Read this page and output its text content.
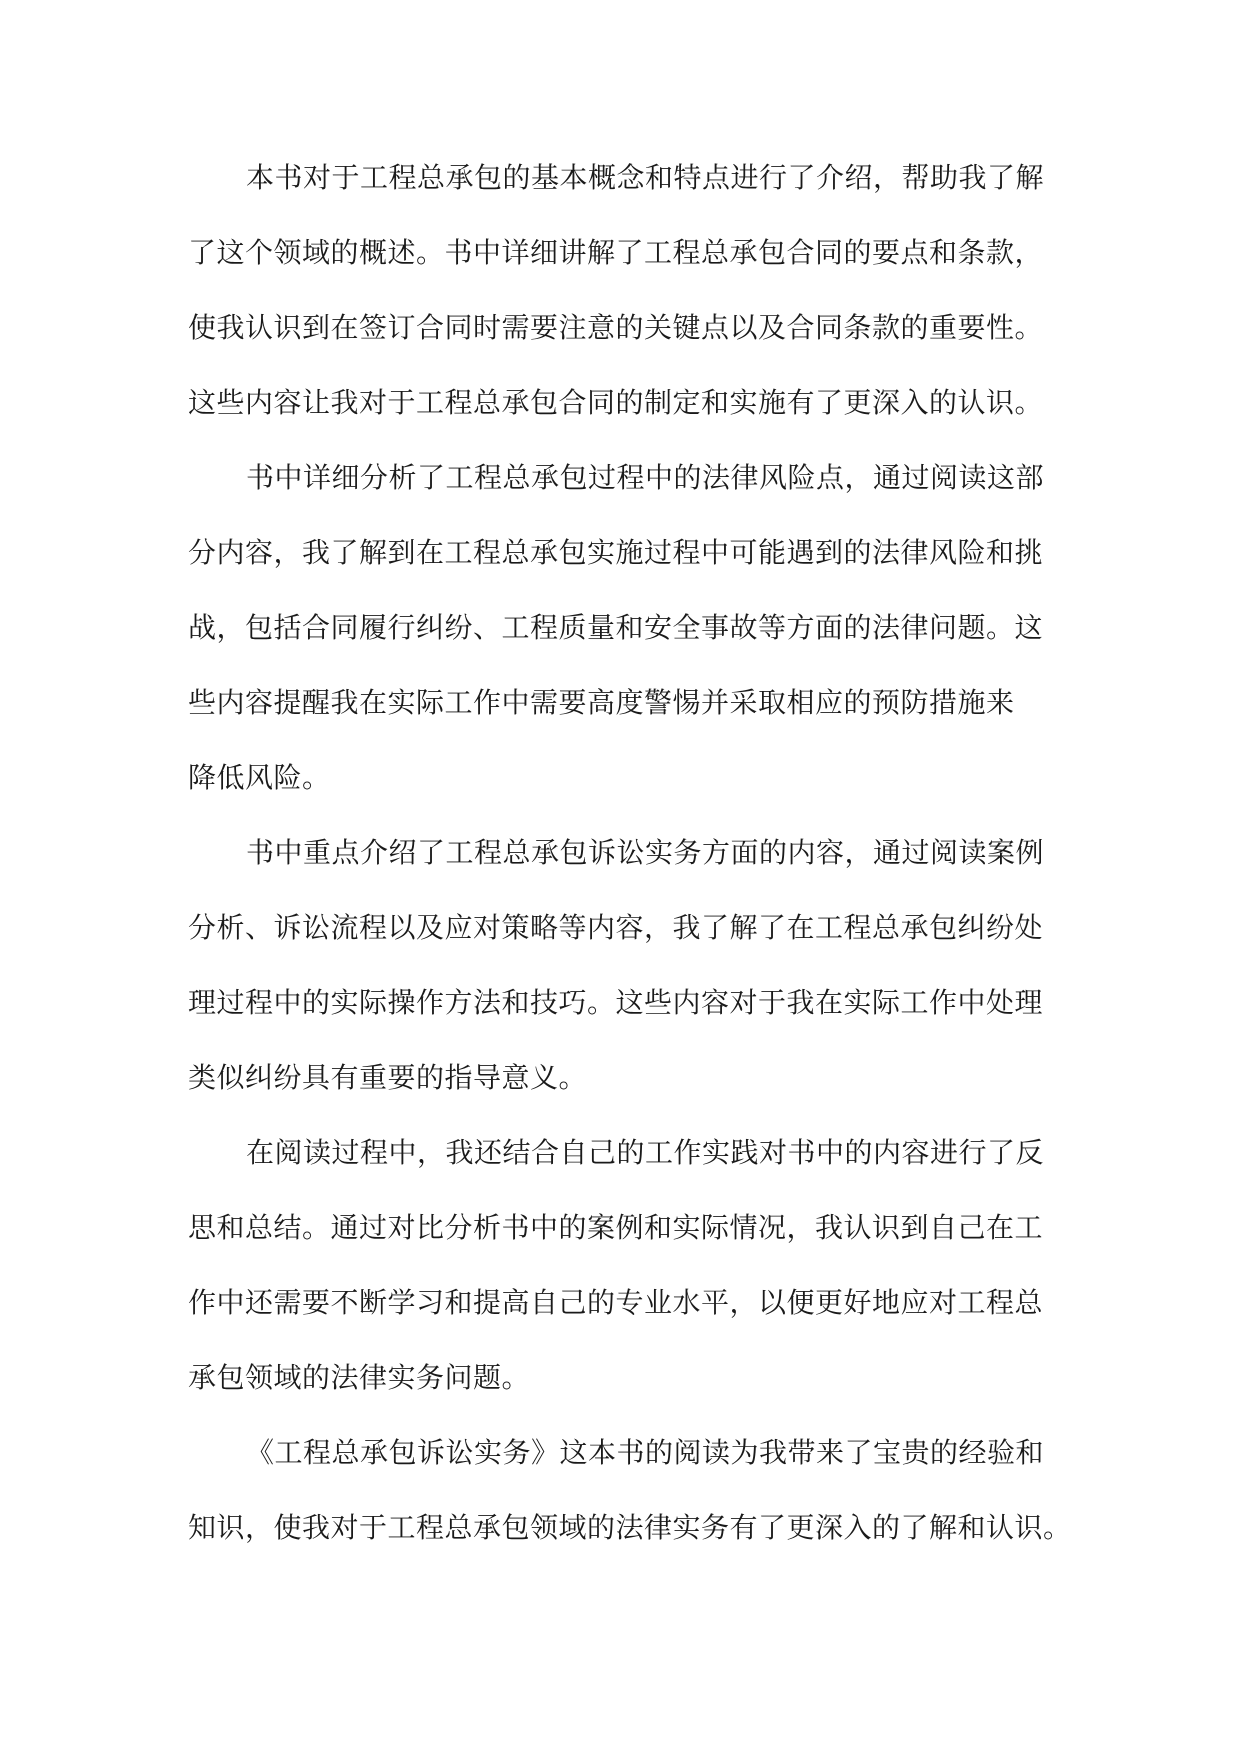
本书对于工程总承包的基本概念和特点进行了介绍，帮助我了解
了这个领域的概述。书中详细讲解了工程总承包合同的要点和条款，
使我认识到在签订合同时需要注意的关键点以及合同条款的重要性。
这些内容让我对于工程总承包合同的制定和实施有了更深入的认识。
书中详细分析了工程总承包过程中的法律风险点，通过阅读这部
分内容，我了解到在工程总承包实施过程中可能遇到的法律风险和挑
战，包括合同履行纠纷、工程质量和安全事故等方面的法律问题。这
些内容提醒我在实际工作中需要高度警惕并采取相应的预防措施来
降低风险。
书中重点介绍了工程总承包诉讼实务方面的内容，通过阅读案例
分析、诉讼流程以及应对策略等内容，我了解了在工程总承包纠纷处
理过程中的实际操作方法和技巧。这些内容对于我在实际工作中处理
类似纠纷具有重要的指导意义。
在阅读过程中，我还结合自己的工作实践对书中的内容进行了反
思和总结。通过对比分析书中的案例和实际情况，我认识到自己在工
作中还需要不断学习和提高自己的专业水平，以便更好地应对工程总
承包领域的法律实务问题。
《工程总承包诉讼实务》这本书的阅读为我带来了宝贵的经验和
知识，使我对于工程总承包领域的法律实务有了更深入的了解和认识。
